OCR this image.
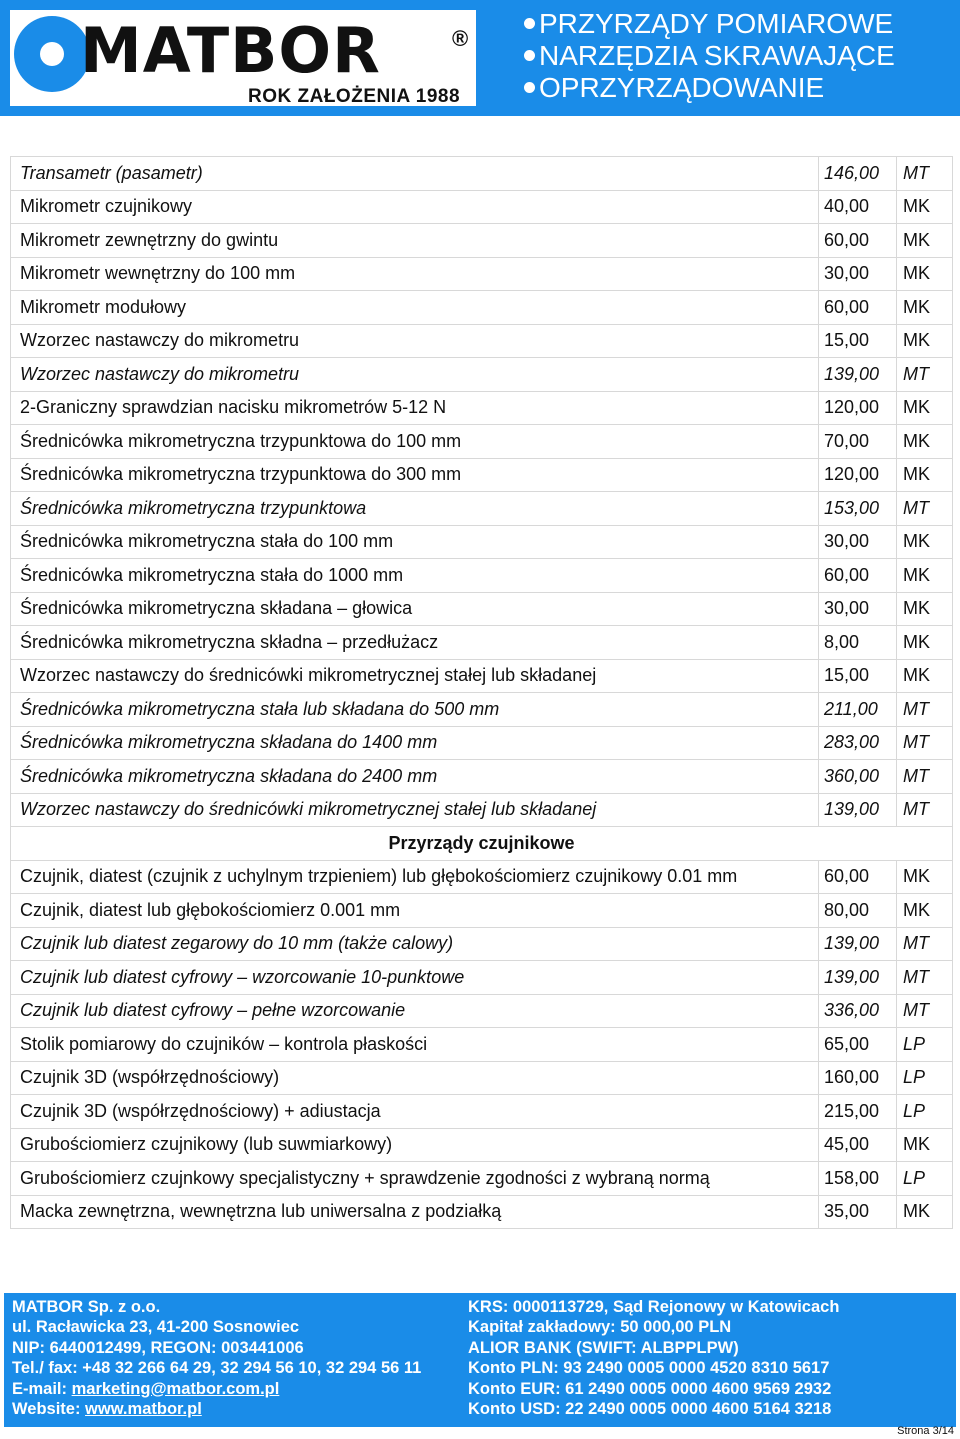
MATBOR	®
ROK ZAŁOŻENIA 1988
PRZYRZĄDY POMIAROWE
NARZĘDZIA SKRAWAJĄCE
OPRZYRZĄDOWANIE
Transametr (pasametr)	146,00	MT
Mikrometr czujnikowy	40,00	MK
Mikrometr zewnętrzny do gwintu	60,00	MK
Mikrometr wewnętrzny do 100 mm	30,00	MK
Mikrometr modułowy	60,00	MK
Wzorzec nastawczy do mikrometru	15,00	MK
Wzorzec nastawczy do mikrometru	139,00	MT
2-Graniczny sprawdzian nacisku mikrometrów 5-12 N	120,00	MK
Średnicówka mikrometryczna trzypunktowa do 100 mm	70,00	MK
Średnicówka mikrometryczna trzypunktowa do 300 mm	120,00	MK
Średnicówka mikrometryczna trzypunktowa	153,00	MT
Średnicówka mikrometryczna stała do 100 mm	30,00	MK
Średnicówka mikrometryczna stała do 1000 mm	60,00	MK
Średnicówka mikrometryczna składana – głowica	30,00	MK
Średnicówka mikrometryczna składna – przedłużacz	8,00	MK
Wzorzec nastawczy do średnicówki mikrometrycznej stałej lub składanej	15,00	MK
Średnicówka mikrometryczna stała lub składana do 500 mm	211,00	MT
Średnicówka mikrometryczna składana do 1400 mm	283,00	MT
Średnicówka mikrometryczna składana do 2400 mm	360,00	MT
Wzorzec nastawczy do średnicówki mikrometrycznej stałej lub składanej	139,00	MT
Przyrządy czujnikowe		
Czujnik, diatest (czujnik z uchylnym trzpieniem) lub głębokościomierz czujnikowy 0.01 mm	60,00	MK
Czujnik, diatest lub głębokościomierz 0.001 mm	80,00	MK
Czujnik lub diatest zegarowy do 10 mm (także calowy)	139,00	MT
Czujnik lub diatest cyfrowy – wzorcowanie 10-punktowe	139,00	MT
Czujnik lub diatest cyfrowy – pełne wzorcowanie	336,00	MT
Stolik pomiarowy do czujników – kontrola płaskości	65,00	LP
Czujnik 3D (współrzędnościowy)	160,00	LP
Czujnik 3D (współrzędnościowy) + adiustacja	215,00	LP
Grubościomierz czujnikowy (lub suwmiarkowy)	45,00	MK
Grubościomierz czujnkowy specjalistyczny + sprawdzenie zgodności z wybraną normą	158,00	LP
Macka zewnętrzna, wewnętrzna lub uniwersalna z podziałką	35,00	MK
MATBOR Sp. z o.o.
ul. Racławicka 23, 41-200 Sosnowiec
NIP: 6440012499, REGON: 003441006
Tel./ fax: +48 32 266 64 29, 32 294 56 10, 32 294 56 11
E-mail: marketing@matbor.com.pl
Website: www.matbor.pl
KRS: 0000113729, Sąd Rejonowy w Katowicach
Kapitał zakładowy: 50 000,00 PLN
ALIOR BANK (SWIFT: ALBPPLPW)
Konto PLN: 93 2490 0005 0000 4520 8310 5617
Konto EUR: 61 2490 0005 0000 4600 9569 2932
Konto USD: 22 2490 0005 0000 4600 5164 3218
Strona 3/14
